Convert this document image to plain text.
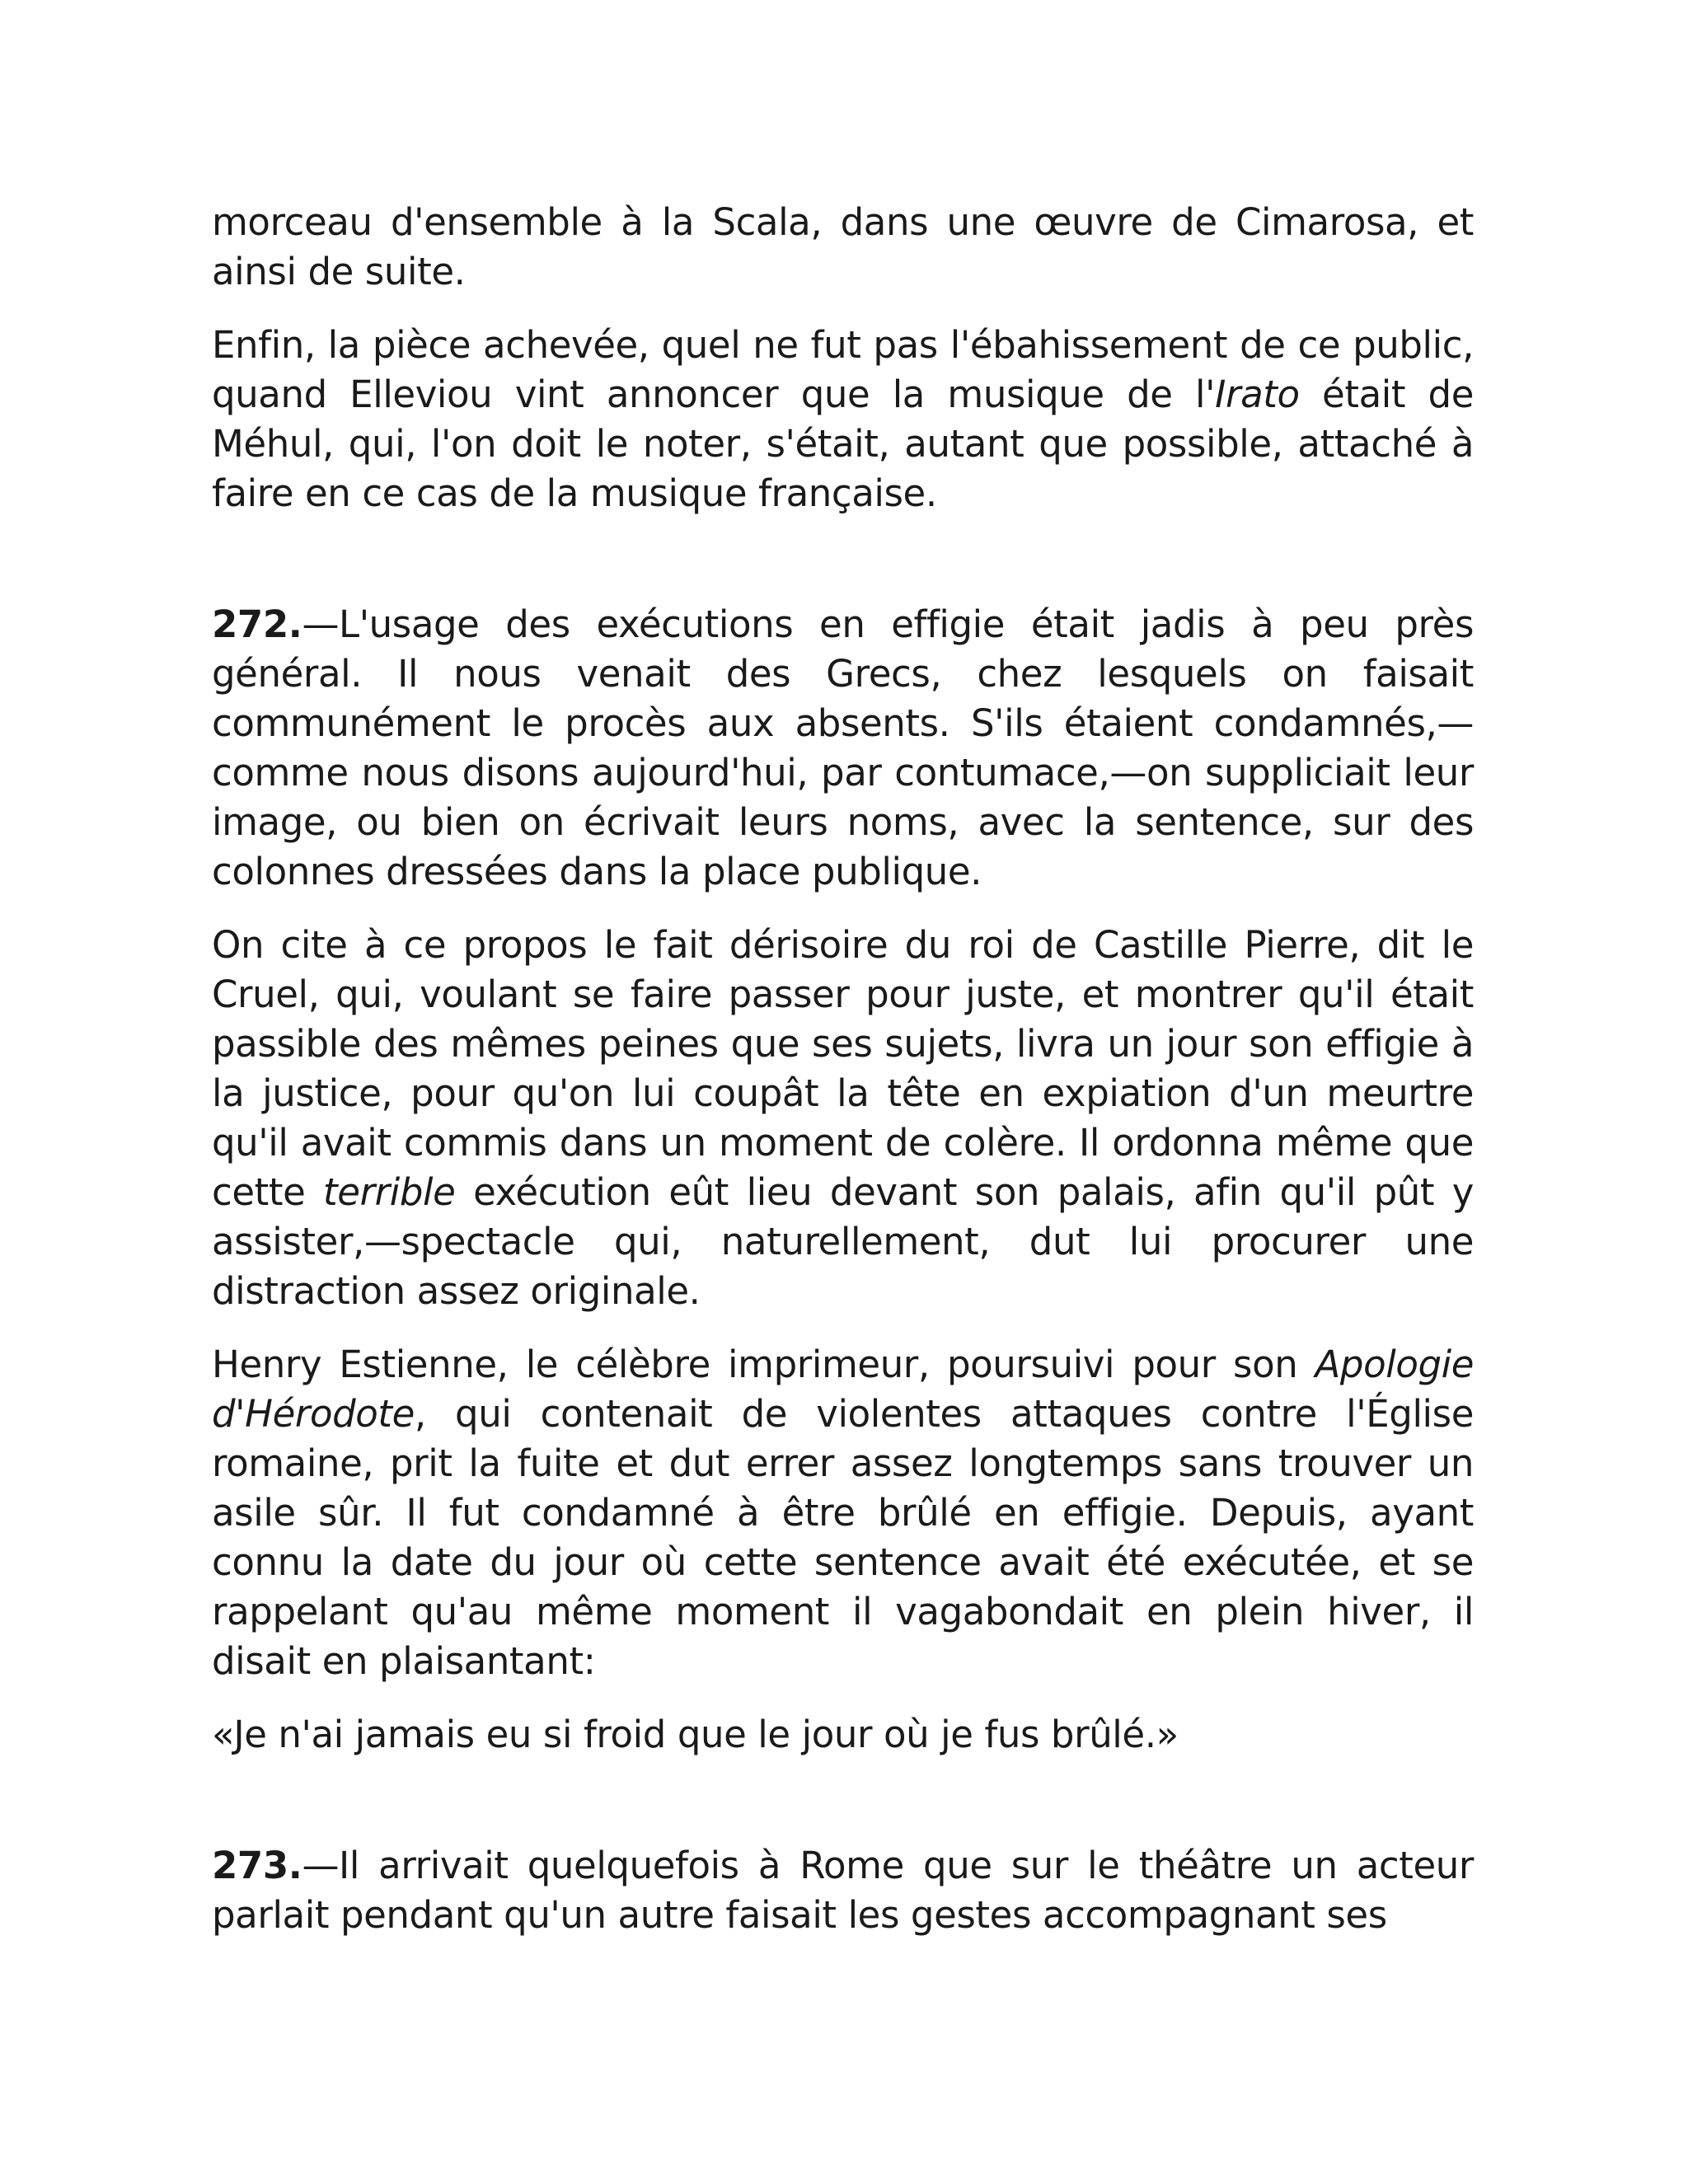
morceau d'ensemble à la Scala, dans une œuvre de Cimarosa, et ainsi de suite.

Enfin, la pièce achevée, quel ne fut pas l'ébahissement de ce public, quand Elleviou vint annoncer que la musique de l'Irato était de Méhul, qui, l'on doit le noter, s'était, autant que possible, attaché à faire en ce cas de la musique française.

272.—L'usage des exécutions en effigie était jadis à peu près général. Il nous venait des Grecs, chez lesquels on faisait communément le procès aux absents. S'ils étaient condamnés,—comme nous disons aujourd'hui, par contumace,—on suppliciait leur image, ou bien on écrivait leurs noms, avec la sentence, sur des colonnes dressées dans la place publique.

On cite à ce propos le fait dérisoire du roi de Castille Pierre, dit le Cruel, qui, voulant se faire passer pour juste, et montrer qu'il était passible des mêmes peines que ses sujets, livra un jour son effigie à la justice, pour qu'on lui coupât la tête en expiation d'un meurtre qu'il avait commis dans un moment de colère. Il ordonna même que cette terrible exécution eût lieu devant son palais, afin qu'il pût y assister,—spectacle qui, naturellement, dut lui procurer une distraction assez originale.

Henry Estienne, le célèbre imprimeur, poursuivi pour son Apologie d'Hérodote, qui contenait de violentes attaques contre l'Église romaine, prit la fuite et dut errer assez longtemps sans trouver un asile sûr. Il fut condamné à être brûlé en effigie. Depuis, ayant connu la date du jour où cette sentence avait été exécutée, et se rappelant qu'au même moment il vagabondait en plein hiver, il disait en plaisantant:

«Je n'ai jamais eu si froid que le jour où je fus brûlé.»

273.—Il arrivait quelquefois à Rome que sur le théâtre un acteur parlait pendant qu'un autre faisait les gestes accompagnant ses
